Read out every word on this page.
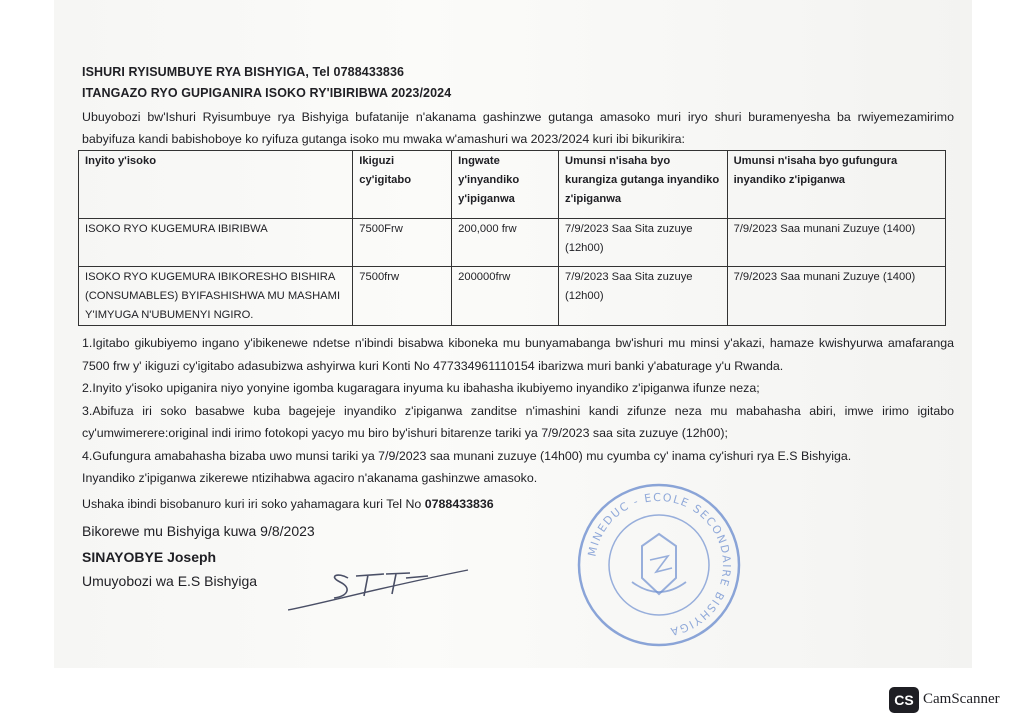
ISHURI RYISUMBUYE RYA BISHYIGA, Tel 0788433836
ITANGAZO RYO GUPIGANIRA ISOKO RY'IBIRIBWA 2023/2024
Ubuyobozi bw'Ishuri Ryisumbuye rya Bishyiga bufatanije n'akanama gashinzwe gutanga amasoko muri iryo shuri buramenyesha ba rwiyemezamirimo babyifuza kandi babishoboye ko ryifuza gutanga isoko mu mwaka w'amashuri wa 2023/2024 kuri ibi bikurikira:
Inyito y'isoko	Ikiguzi cy'igitabo	Ingwate y'inyandiko y'ipiganwa	Umunsi n'isaha byo kurangiza gutanga inyandiko z'ipiganwa	Umunsi n'isaha byo gufungura inyandiko z'ipiganwa
ISOKO RYO KUGEMURA IBIRIBWA	7500Frw	200,000 frw	7/9/2023 Saa Sita zuzuye (12h00)	7/9/2023 Saa munani Zuzuye (1400)
ISOKO RYO KUGEMURA IBIKORESHO BISHIRA (CONSUMABLES) BYIFASHISHWA MU MASHAMI Y'IMYUGA N'UBUMENYI NGIRO.	7500frw	200000frw	7/9/2023 Saa Sita zuzuye (12h00)	7/9/2023 Saa munani Zuzuye (1400)

1.Igitabo gikubiyemo ingano y'ibikenewe ndetse n'ibindi bisabwa kiboneka mu bunyamabanga bw'ishuri mu minsi y'akazi, hamaze kwishyurwa amafaranga 7500 frw y' ikiguzi cy'igitabo adasubizwa ashyirwa kuri Konti No 477334961110154 ibarizwa muri banki y'abaturage y'u Rwanda.

2.Inyito y'isoko upiganira niyo yonyine igomba kugaragara inyuma ku ibahasha ikubiyemo inyandiko z'ipiganwa ifunze neza;

3.Abifuza iri soko basabwe kuba bagejeje inyandiko z'ipiganwa zanditse n'imashini kandi zifunze neza mu mabahasha abiri, imwe irimo igitabo cy'umwimerere:original indi irimo fotokopi yacyo mu biro by'ishuri bitarenze tariki ya 7/9/2023 saa sita zuzuye (12h00);

4.Gufungura amabahasha bizaba uwo munsi tariki ya 7/9/2023 saa munani zuzuye (14h00) mu cyumba cy' inama cy'ishuri rya E.S Bishyiga.

Inyandiko z'ipiganwa zikerewe ntizihabwa agaciro n'akanama gashinzwe amasoko.

Ushaka ibindi bisobanuro kuri iri soko yahamagara kuri Tel No 0788433836
Bikorewe mu Bishyiga kuwa 9/8/2023
SINAYOBYE Joseph
Umuyobozi wa E.S Bishyiga
MINEDUC - ECOLE SECONDAIRE BISHYIGA
CS CamScanner
